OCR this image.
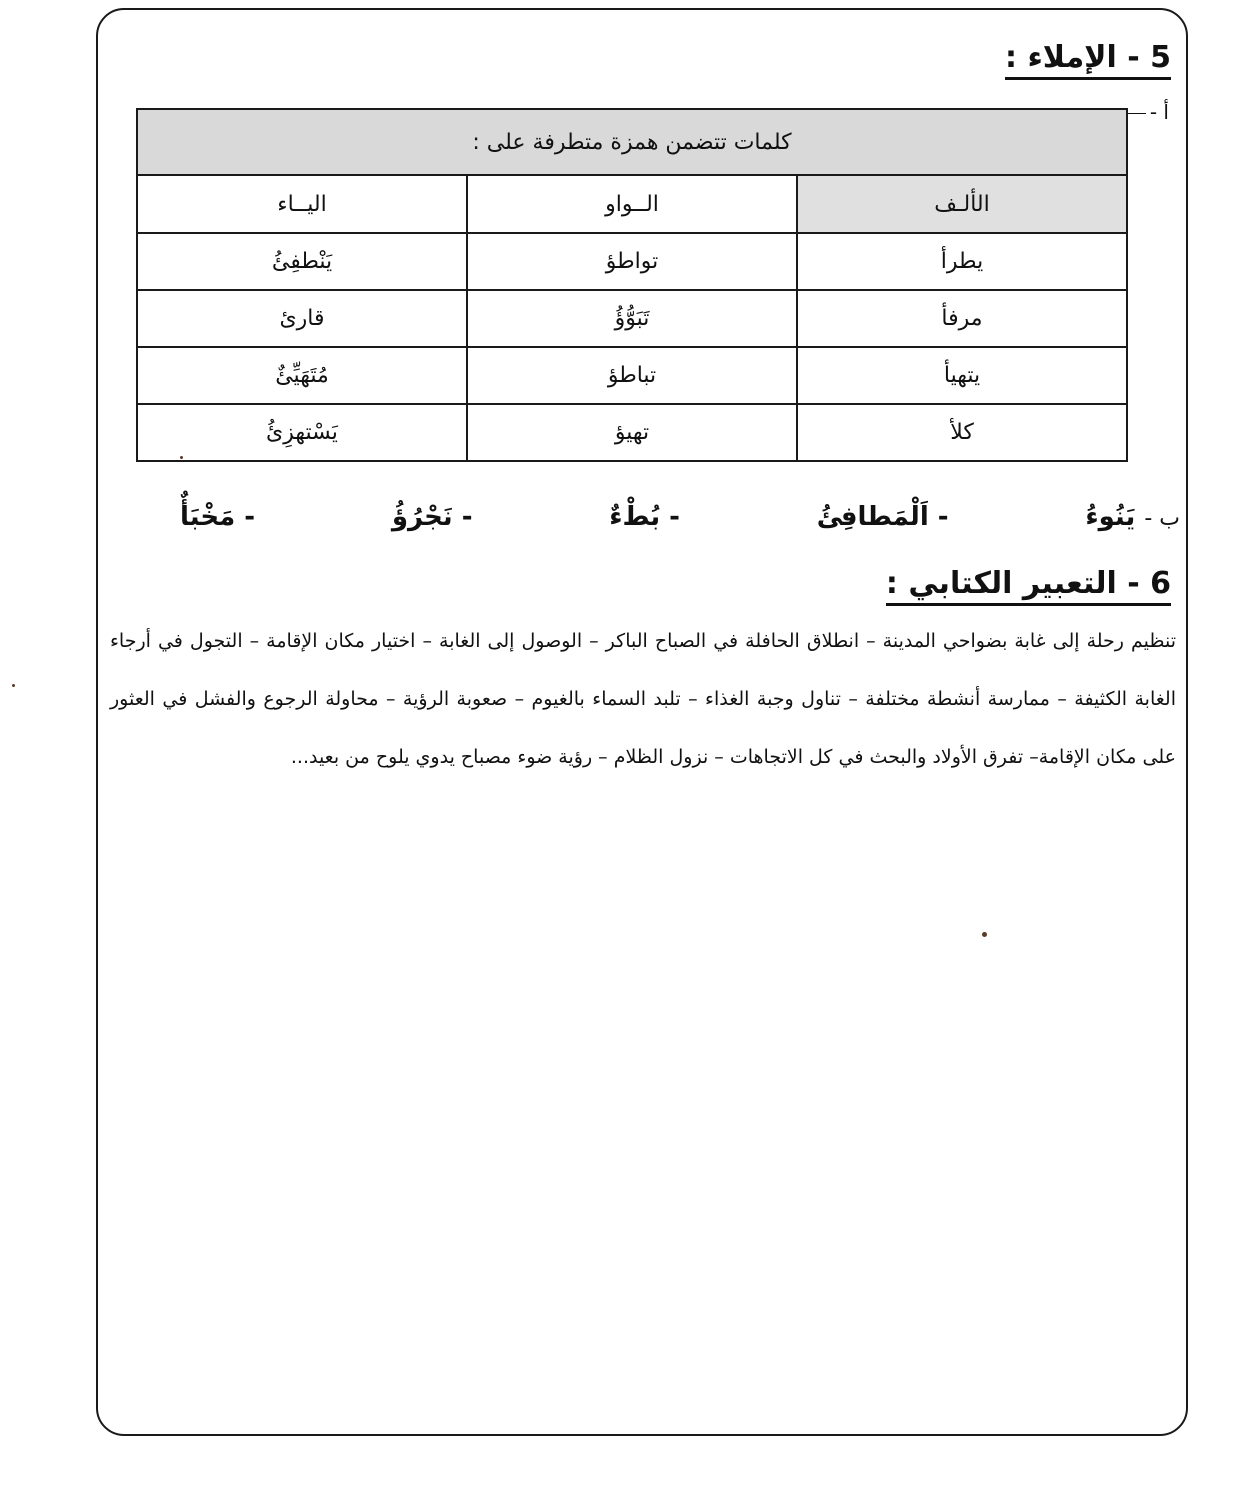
5 - الإملاء :
أ -
كلمات تتضمن همزة متطرفة على :		
الألـف	الــواو	اليــاء
يطرأ	تواطؤ	يَنْطفِئُ
مرفأ	تَبَوُّؤُ	قارئ
يتهيأ	تباطؤ	مُتَهَيِّئٌ
كلأ	تهيؤ	يَسْتهزِئُ
ب - يَنُوءُ
- اَلْمَطافِئُ
- بُطْءٌ
- نَجْرُؤُ
- مَخْبَأٌ
6 - التعبير الكتابي :
تنظيم رحلة إلى غابة بضواحي المدينة – انطلاق الحافلة في الصباح الباكر – الوصول إلى الغابة – اختيار مكان الإقامة – التجول في أرجاء الغابة الكثيفة – ممارسة أنشطة مختلفة – تناول وجبة الغذاء – تلبد السماء بالغيوم – صعوبة الرؤية – محاولة الرجوع والفشل في العثور على مكان الإقامة– تفرق الأولاد والبحث في كل الاتجاهات – نزول الظلام – رؤية ضوء مصباح يدوي يلوح من بعيد...
